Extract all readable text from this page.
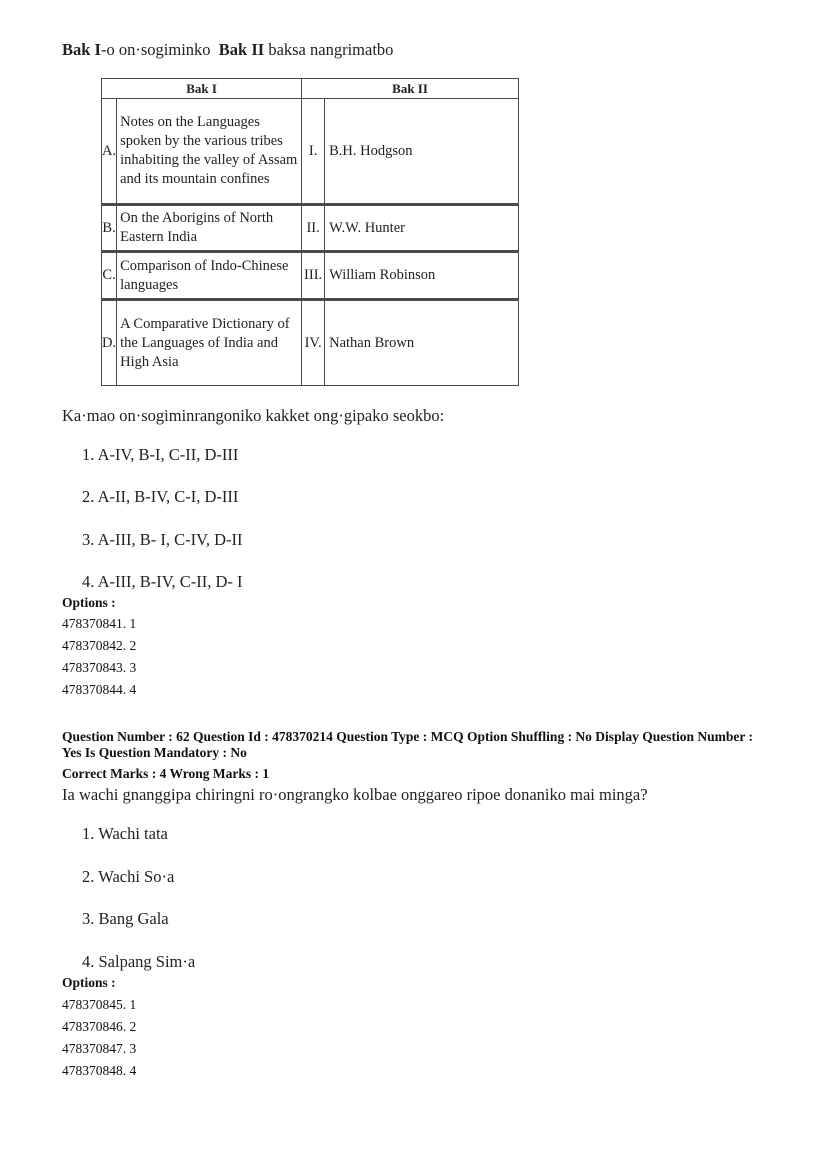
Bak I-o on·sogiminko Bak II baksa nangrimatbo

Bak I		Bak II	
A.	Notes on the Languages spoken by the various tribes inhabiting the valley of Assam and its mountain confines	I.	B.H. Hodgson
B.	On the Aborigins of North Eastern India	II.	W.W. Hunter
C.	Comparison of Indo-Chinese languages	III.	William Robinson
D.	A Comparative Dictionary of the Languages of India and High Asia	IV.	Nathan Brown

Ka·mao on·sogiminrangoniko kakket ong·gipako seokbo:

1. A-IV, B-I, C-II, D-III

2. A-II, B-IV, C-I, D-III

3. A-III, B- I, C-IV, D-II

4. A-III, B-IV, C-II, D- I

Options :

478370841. 1

478370842. 2

478370843. 3

478370844. 4

Question Number : 62 Question Id : 478370214 Question Type : MCQ Option Shuffling : No Display Question Number : Yes Is Question Mandatory : No

Correct Marks : 4 Wrong Marks : 1

Ia wachi gnanggipa chiringni ro·ongrangko kolbae onggareo ripoe donaniko mai minga?

1. Wachi tata

2. Wachi So·a

3. Bang Gala

4. Salpang Sim·a

Options :

478370845. 1

478370846. 2

478370847. 3

478370848. 4
